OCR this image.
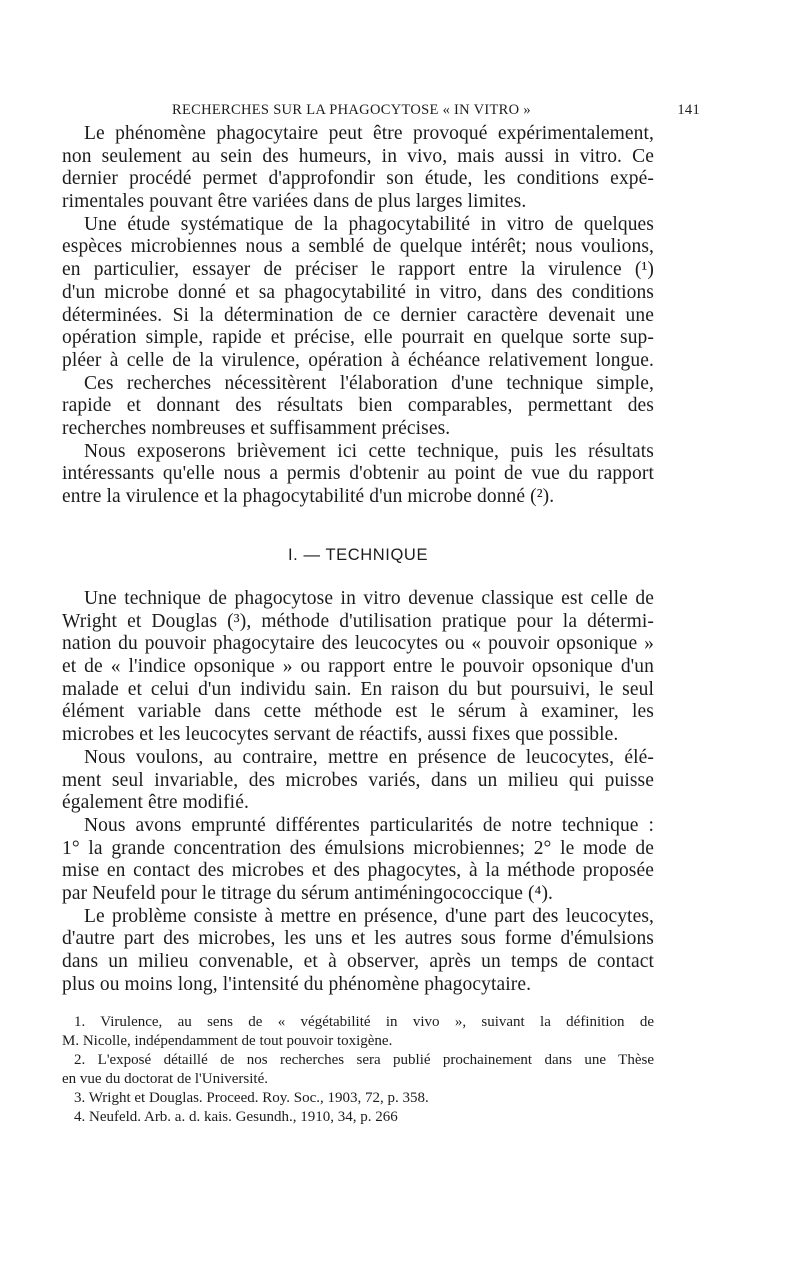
RECHERCHES SUR LA PHAGOCYTOSE « IN VITRO »	141
Le phénomène phagocytaire peut être provoqué expérimentalement,
non seulement au sein des humeurs, in vivo, mais aussi in vitro. Ce
dernier procédé permet d'approfondir son étude, les conditions expé-
rimentales pouvant être variées dans de plus larges limites.
Une étude systématique de la phagocytabilité in vitro de quelques
espèces microbiennes nous a semblé de quelque intérêt; nous voulions,
en particulier, essayer de préciser le rapport entre la virulence (¹)
d'un microbe donné et sa phagocytabilité in vitro, dans des conditions
déterminées. Si la détermination de ce dernier caractère devenait une
opération simple, rapide et précise, elle pourrait en quelque sorte sup-
pléer à celle de la virulence, opération à échéance relativement longue.
Ces recherches nécessitèrent l'élaboration d'une technique simple,
rapide et donnant des résultats bien comparables, permettant des
recherches nombreuses et suffisamment précises.
Nous exposerons brièvement ici cette technique, puis les résultats
intéressants qu'elle nous a permis d'obtenir au point de vue du rapport
entre la virulence et la phagocytabilité d'un microbe donné (²).
I. — TECHNIQUE
Une technique de phagocytose in vitro devenue classique est celle de
Wright et Douglas (³), méthode d'utilisation pratique pour la détermi-
nation du pouvoir phagocytaire des leucocytes ou « pouvoir opsonique »
et de « l'indice opsonique » ou rapport entre le pouvoir opsonique d'un
malade et celui d'un individu sain. En raison du but poursuivi, le seul
élément variable dans cette méthode est le sérum à examiner, les
microbes et les leucocytes servant de réactifs, aussi fixes que possible.
Nous voulons, au contraire, mettre en présence de leucocytes, élé-
ment seul invariable, des microbes variés, dans un milieu qui puisse
également être modifié.
Nous avons emprunté différentes particularités de notre technique :
1° la grande concentration des émulsions microbiennes; 2° le mode de
mise en contact des microbes et des phagocytes, à la méthode proposée
par Neufeld pour le titrage du sérum antiméningococcique (⁴).
Le problème consiste à mettre en présence, d'une part des leucocytes,
d'autre part des microbes, les uns et les autres sous forme d'émulsions
dans un milieu convenable, et à observer, après un temps de contact
plus ou moins long, l'intensité du phénomène phagocytaire.
1. Virulence, au sens de « végétabilité in vivo », suivant la définition de
M. Nicolle, indépendamment de tout pouvoir toxigène.
2. L'exposé détaillé de nos recherches sera publié prochainement dans une Thèse
en vue du doctorat de l'Université.
3. Wright et Douglas. Proceed. Roy. Soc., 1903, 72, p. 358.
4. Neufeld. Arb. a. d. kais. Gesundh., 1910, 34, p. 266
